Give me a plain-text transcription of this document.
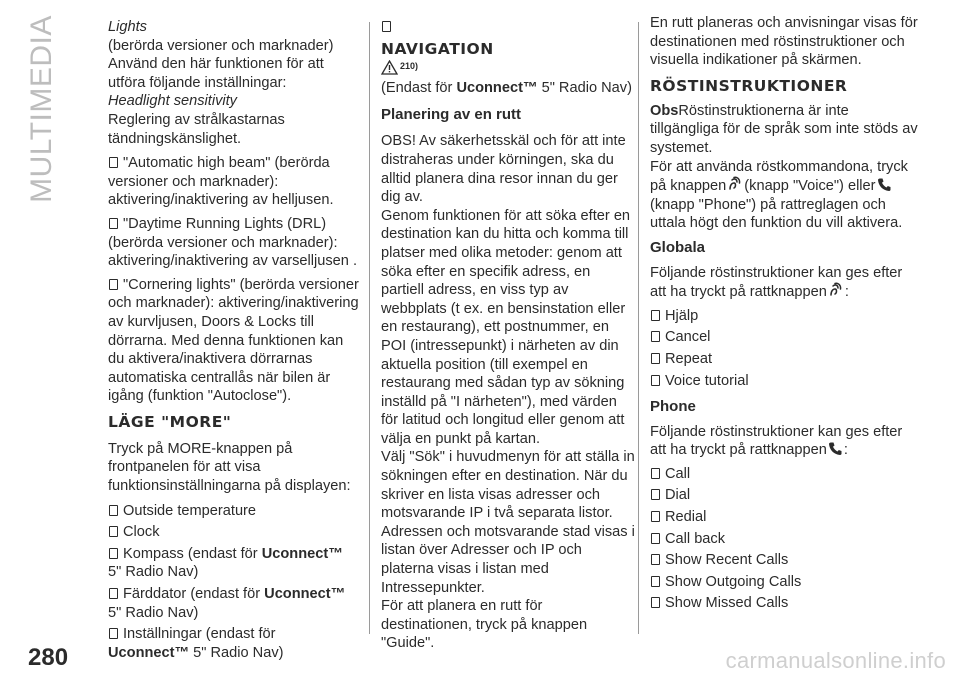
MULTIMEDIA	Lights
(berörda versioner och marknader)
Använd den här funktionen för att utföra följande inställningar:
Headlight sensitivity
Reglering av strålkastarnas tändningskänslighet.
"Automatic high beam" (berörda versioner och marknader): aktivering/inaktivering av helljusen.
"Daytime Running Lights (DRL) (berörda versioner och marknader): aktivering/inaktivering av varselljusen .
"Cornering lights" (berörda versioner och marknader): aktivering/inaktivering av kurvljusen, Doors & Locks till dörrarna. Med denna funktionen kan du aktivera/inaktivera dörrarnas automatiska centrallås när bilen är igång (funktion "Autoclose").
LÄGE "MORE"
Tryck på MORE-knappen på frontpanelen för att visa funktionsinställningarna på displayen:
Outside temperature
Clock
Kompass (endast för Uconnect™ 5" Radio Nav)
Färddator (endast för Uconnect™ 5" Radio Nav)
Inställningar (endast för Uconnect™ 5" Radio Nav)
NAVIGATION
210)
(Endast för Uconnect™ 5" Radio Nav)
Planering av en rutt
OBS! Av säkerhetsskäl och för att inte distraheras under körningen, ska du alltid planera dina resor innan du ger dig av.
Genom funktionen för att söka efter en destination kan du hitta och komma till platser med olika metoder: genom att söka efter en specifik adress, en partiell adress, en viss typ av webbplats (t ex. en bensinstation eller en restaurang), ett postnummer, en POI (intressepunkt) i närheten av din aktuella position (till exempel en restaurang med sådan typ av sökning inställd på "I närheten"), med värden för latitud och longitud eller genom att välja en punkt på kartan.
Välj "Sök" i huvudmenyn för att ställa in sökningen efter en destination. När du skriver en lista visas adresser och motsvarande IP i två separata listor. Adressen och motsvarande stad visas i listan över Adresser och IP och platerna visas i listan med Intressepunkter.
För att planera en rutt för destinationen, tryck på knappen "Guide".
En rutt planeras och anvisningar visas för destinationen med röstinstruktioner och visuella indikationer på skärmen.
RÖSTINSTRUKTIONER
ObsRöstinstruktionerna är inte tillgängliga för de språk som inte stöds av systemet.
För att använda röstkommandona, tryck på knappen (knapp "Voice") eller(knapp "Phone") på rattreglagen och uttala högt den funktion du vill aktivera.
Globala
Följande röstinstruktioner kan ges efter att ha tryckt på rattknappen :
Hjälp
Cancel
Repeat
Voice tutorial
Phone
Följande röstinstruktioner kan ges efter att ha tryckt på rattknappen :
Call
Dial
Redial
Call back
Show Recent Calls
Show Outgoing Calls
Show Missed Calls
280	carmanualsonline.info
